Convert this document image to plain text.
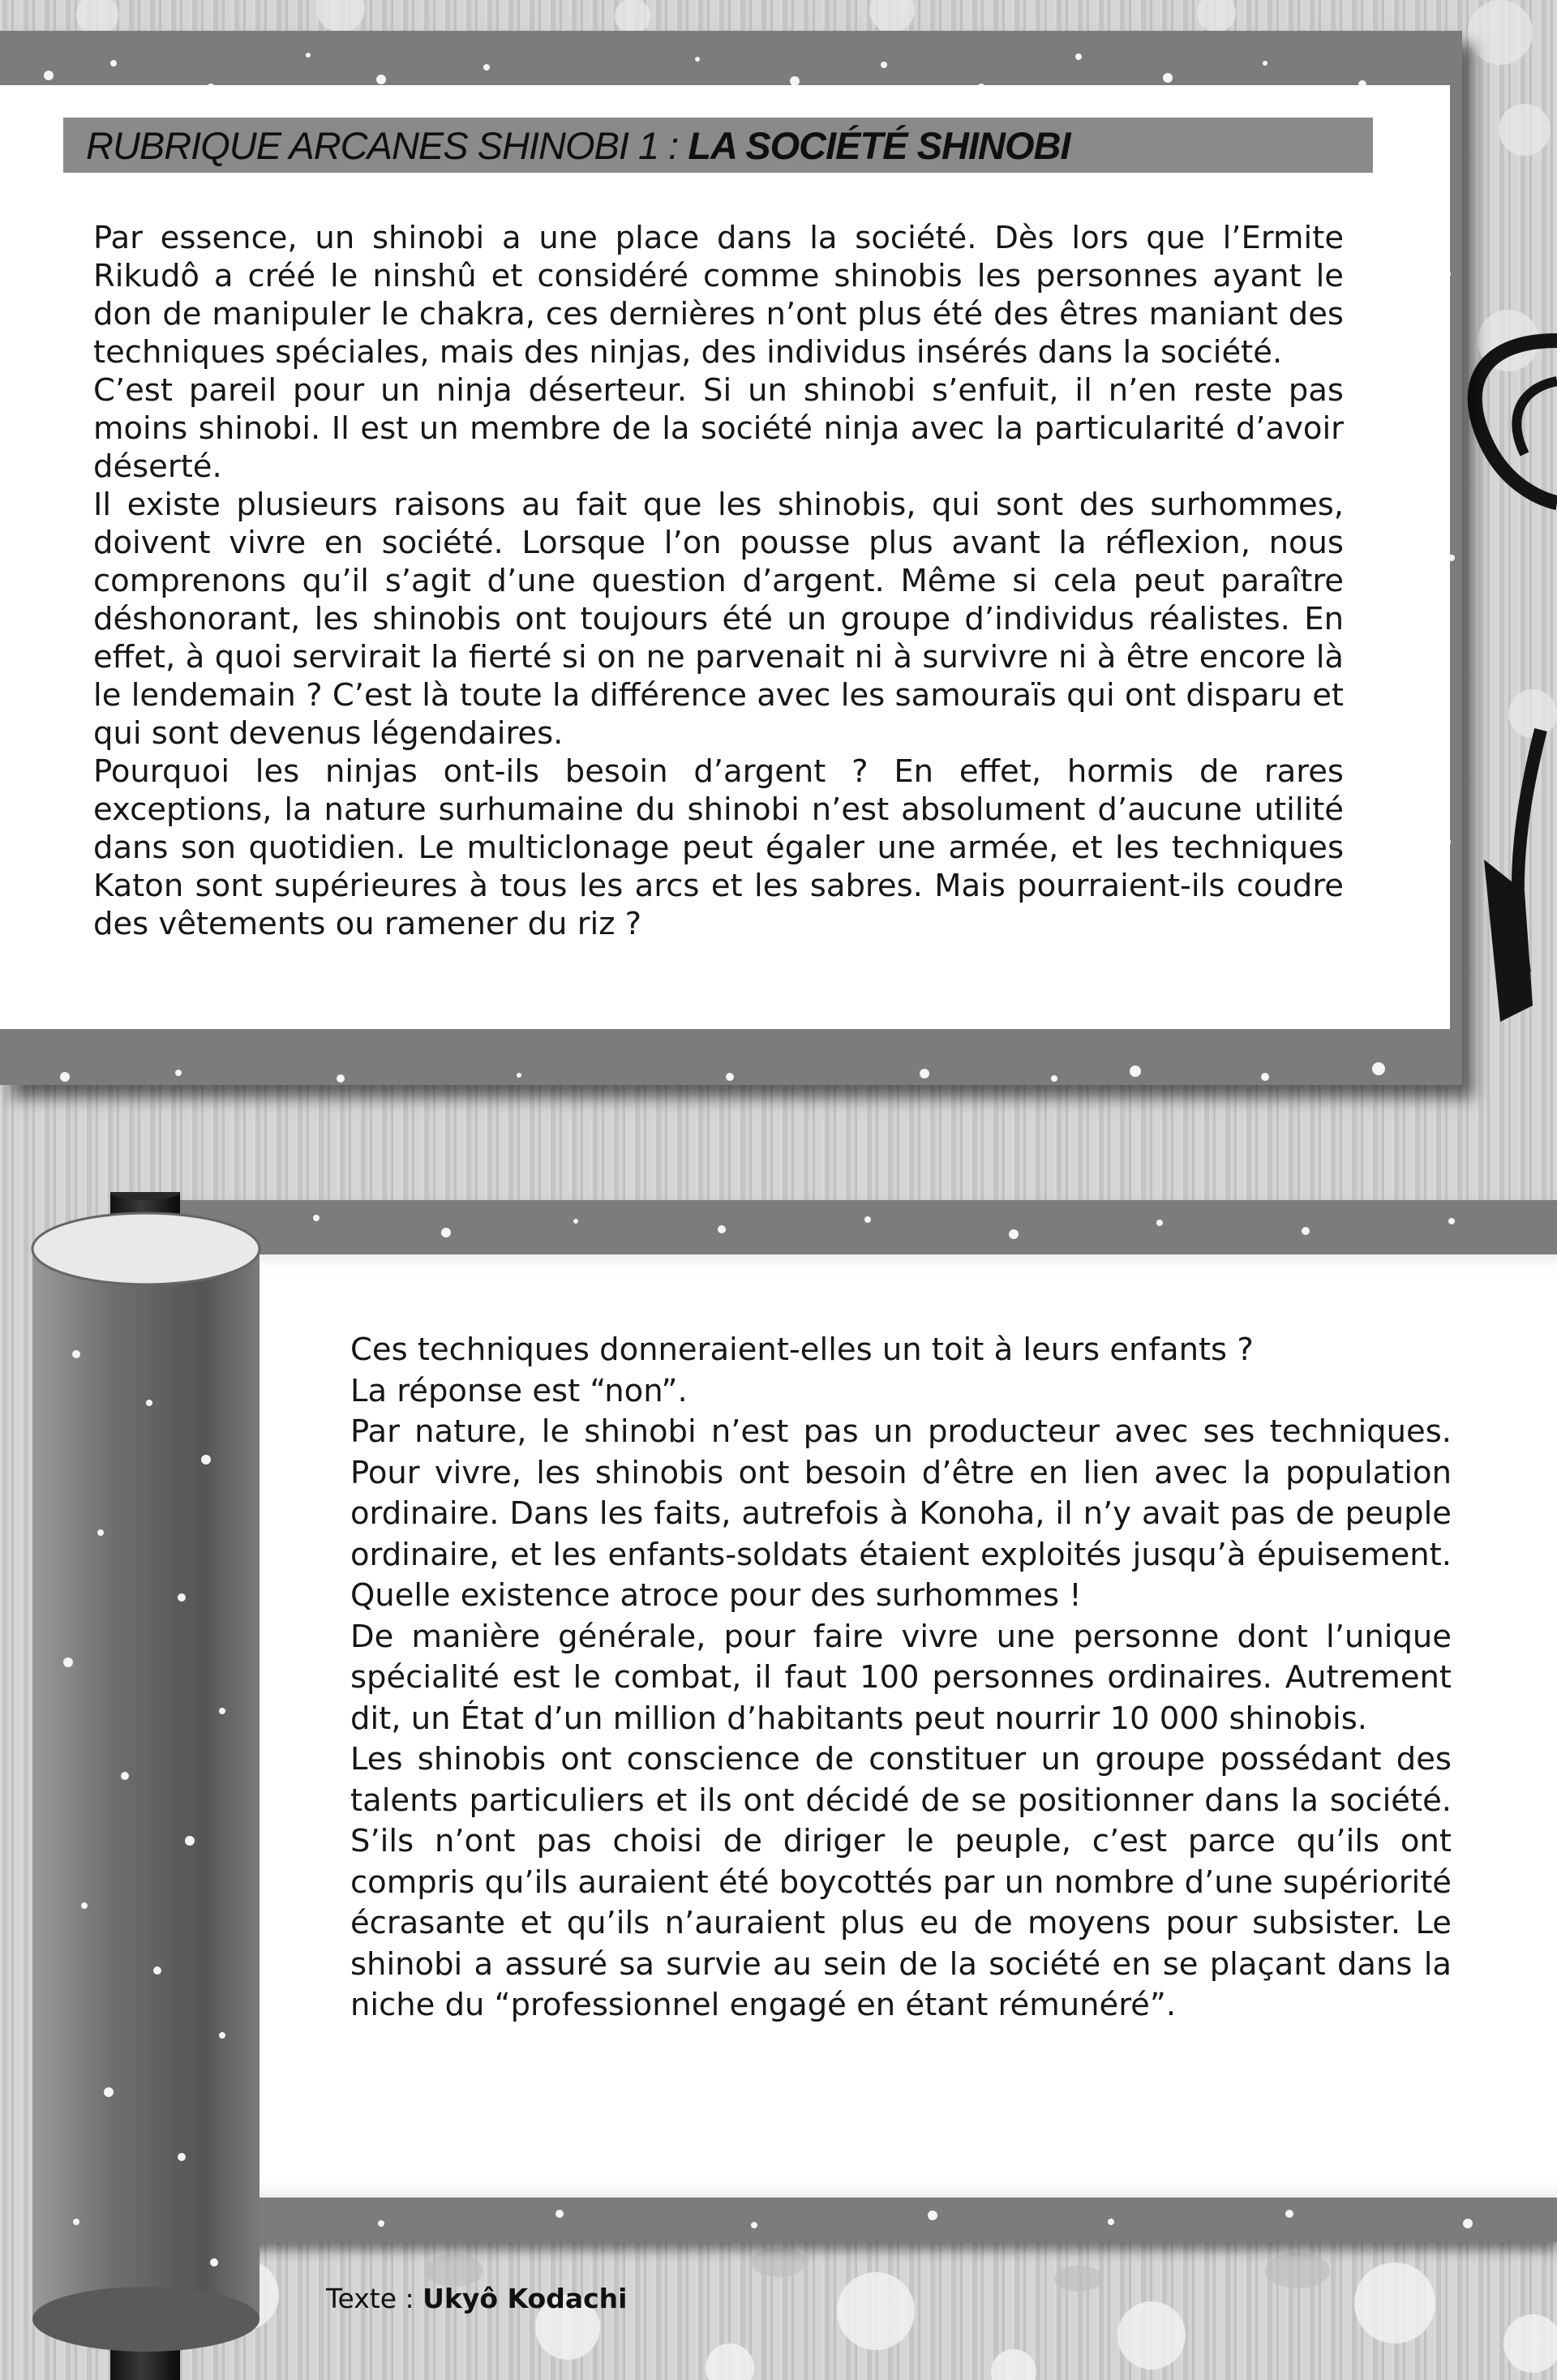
RUBRIQUE ARCANES SHINOBI 1 : LA SOCIÉTÉ SHINOBI

Par essence, un shinobi a une place dans la société. Dès lors que l’Ermite Rikudô a créé le ninshû et considéré comme shinobis les personnes ayant le don de manipuler le chakra, ces dernières n’ont plus été des êtres maniant des techniques spéciales, mais des ninjas, des individus insérés dans la société.

C’est pareil pour un ninja déserteur. Si un shinobi s’enfuit, il n’en reste pas moins shinobi. Il est un membre de la société ninja avec la particularité d’avoir déserté.

Il existe plusieurs raisons au fait que les shinobis, qui sont des surhommes, doivent vivre en société. Lorsque l’on pousse plus avant la réflexion, nous comprenons qu’il s’agit d’une question d’argent. Même si cela peut paraître déshonorant, les shinobis ont toujours été un groupe d’individus réalistes. En effet, à quoi servirait la fierté si on ne parvenait ni à survivre ni à être encore là le lendemain ? C’est là toute la différence avec les samouraïs qui ont disparu et qui sont devenus légendaires.

Pourquoi les ninjas ont-ils besoin d’argent ? En effet, hormis de rares exceptions, la nature surhumaine du shinobi n’est absolument d’aucune utilité dans son quotidien. Le multiclonage peut égaler une armée, et les techniques Katon sont supérieures à tous les arcs et les sabres. Mais pourraient-ils coudre des vêtements ou ramener du riz ?

Ces techniques donneraient-elles un toit à leurs enfants ?

La réponse est “non”.

Par nature, le shinobi n’est pas un producteur avec ses techniques. Pour vivre, les shinobis ont besoin d’être en lien avec la population ordinaire. Dans les faits, autrefois à Konoha, il n’y avait pas de peuple ordinaire, et les enfants-soldats étaient exploités jusqu’à épuisement. Quelle existence atroce pour des surhommes !

De manière générale, pour faire vivre une personne dont l’unique spécialité est le combat, il faut 100 personnes ordinaires. Autrement dit, un État d’un million d’habitants peut nourrir 10 000 shinobis.

Les shinobis ont conscience de constituer un groupe possédant des talents particuliers et ils ont décidé de se positionner dans la société. S’ils n’ont pas choisi de diriger le peuple, c’est parce qu’ils ont compris qu’ils auraient été boycottés par un nombre d’une supériorité écrasante et qu’ils n’auraient plus eu de moyens pour subsister. Le shinobi a assuré sa survie au sein de la société en se plaçant dans la niche du “professionnel engagé en étant rémunéré”.

Texte : Ukyô Kodachi
